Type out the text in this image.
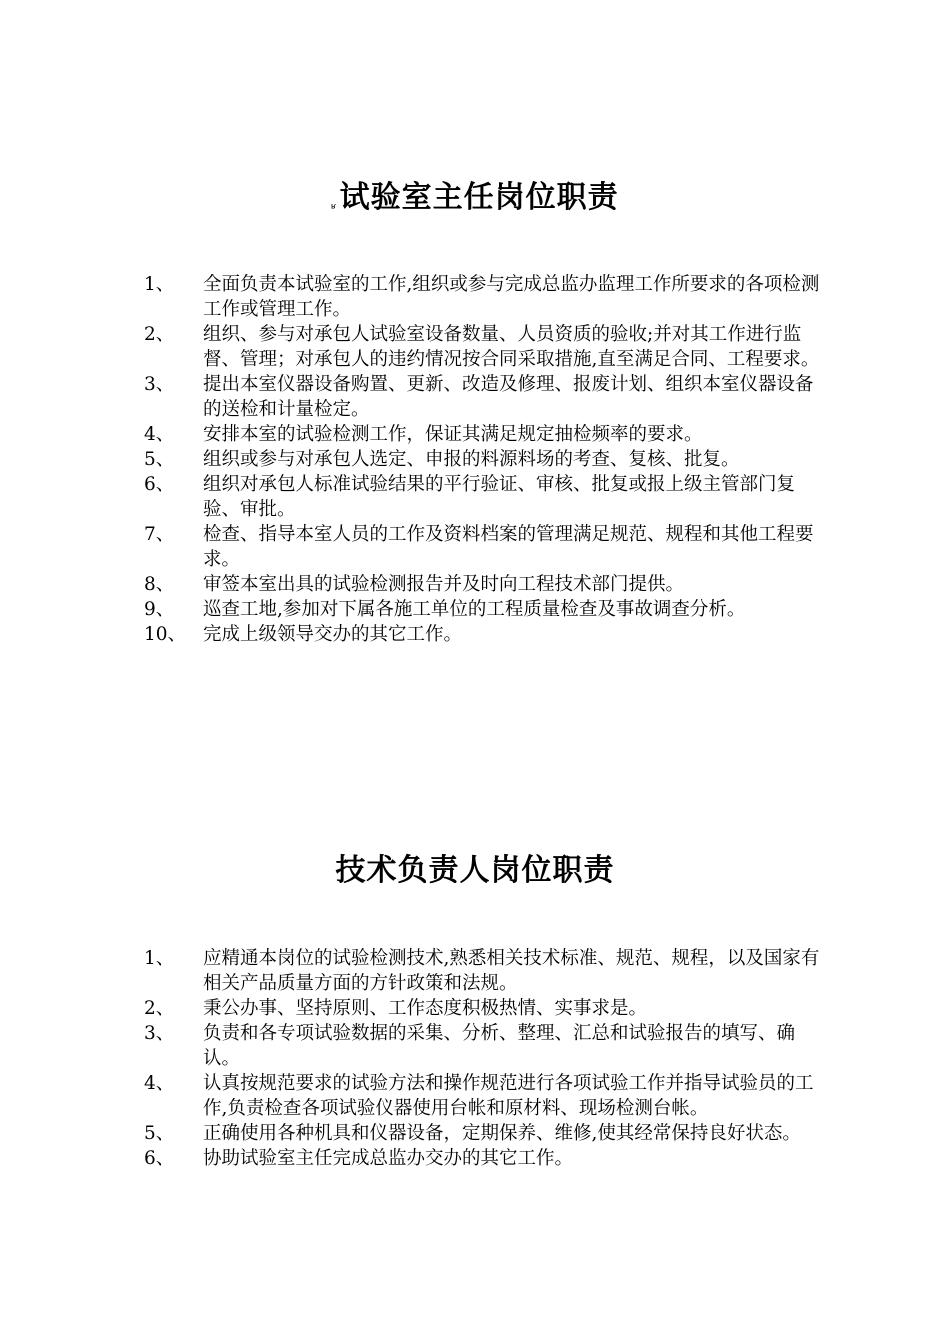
ʶ试验室主任岗位职责
1、 全面负责本试验室的工作,组织或参与完成总监办监理工作所要求的各项检测工作或管理工作。
2、 组织、参与对承包人试验室设备数量、人员资质的验收;并对其工作进行监督、管理；对承包人的违约情况按合同采取措施,直至满足合同、工程要求。
3、 提出本室仪器设备购置、更新、改造及修理、报废计划、组织本室仪器设备的送检和计量检定。
4、 安排本室的试验检测工作，保证其满足规定抽检频率的要求。
5、 组织或参与对承包人选定、申报的料源料场的考查、复核、批复。
6、 组织对承包人标准试验结果的平行验证、审核、批复或报上级主管部门复验、审批。
7、 检查、指导本室人员的工作及资料档案的管理满足规范、规程和其他工程要求。
8、 审签本室出具的试验检测报告并及时向工程技术部门提供。
9、 巡查工地,参加对下属各施工单位的工程质量检查及事故调查分析。
10、 完成上级领导交办的其它工作。
技术负责人岗位职责
1、 应精通本岗位的试验检测技术,熟悉相关技术标准、规范、规程，以及国家有相关产品质量方面的方针政策和法规。
2、 秉公办事、坚持原则、工作态度积极热情、实事求是。
3、 负责和各专项试验数据的采集、分析、整理、汇总和试验报告的填写、确认。
4、 认真按规范要求的试验方法和操作规范进行各项试验工作并指导试验员的工作,负责检查各项试验仪器使用台帐和原材料、现场检测台帐。
5、 正确使用各种机具和仪器设备，定期保养、维修,使其经常保持良好状态。
6、 协助试验室主任完成总监办交办的其它工作。
